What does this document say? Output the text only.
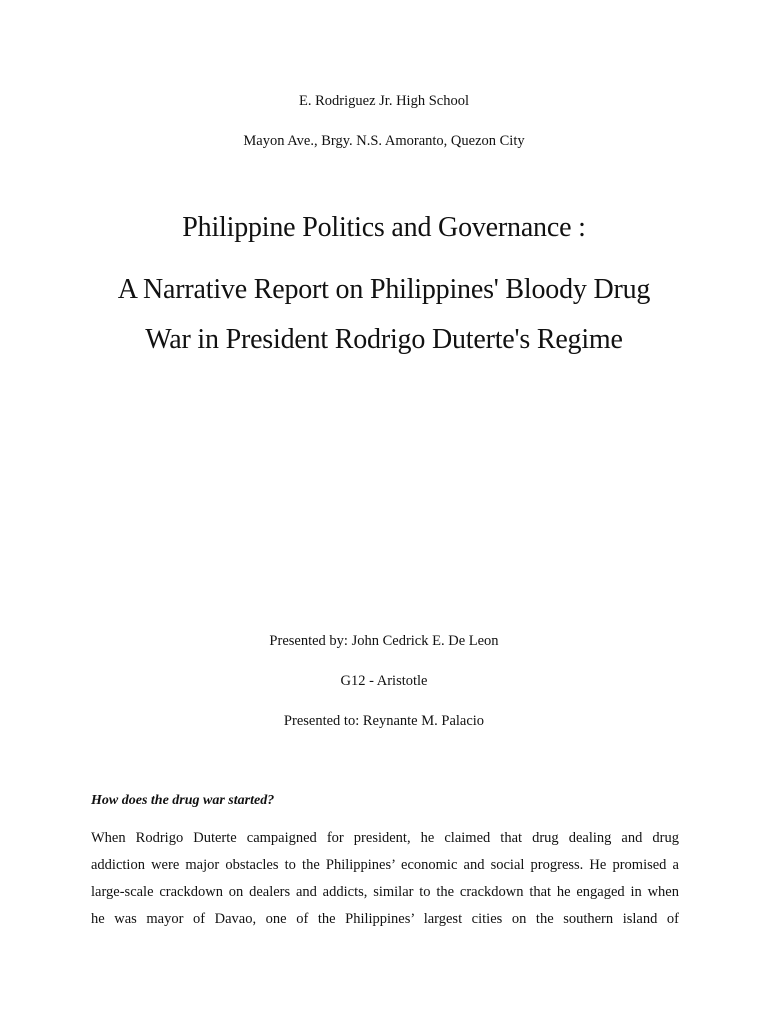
E. Rodriguez Jr. High School
Mayon Ave., Brgy. N.S. Amoranto, Quezon City
Philippine Politics and Governance :
A Narrative Report on Philippines' Bloody Drug
War in President Rodrigo Duterte's Regime
Presented by: John Cedrick E. De Leon
G12 - Aristotle
Presented to: Reynante M. Palacio
How does the drug war started?
When Rodrigo Duterte campaigned for president, he claimed that drug dealing and drug
addiction were major obstacles to the Philippines’ economic and social progress. He promised a
large-scale crackdown on dealers and addicts, similar to the crackdown that he engaged in when
he was mayor of Davao, one of the Philippines’ largest cities on the southern island of
